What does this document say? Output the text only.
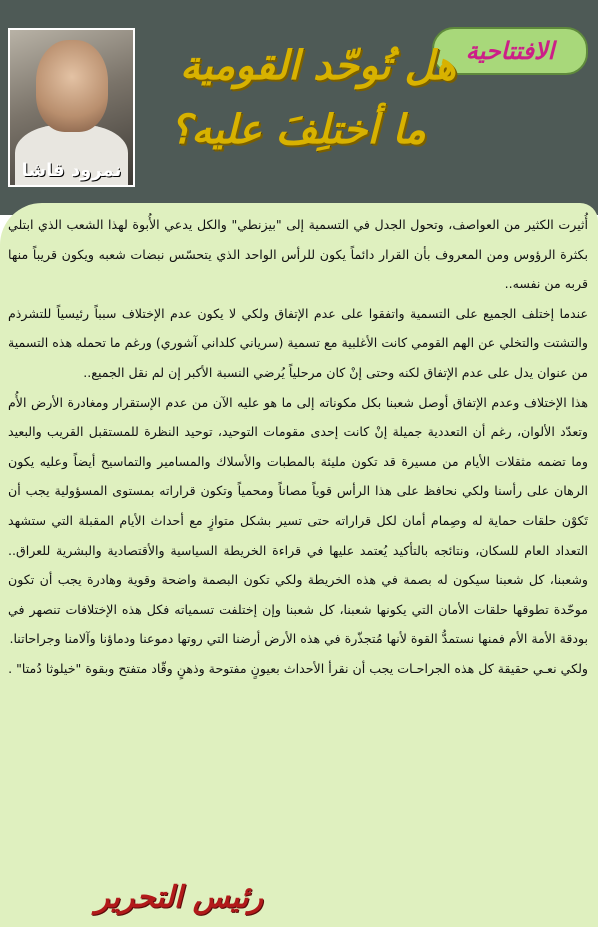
نمرود قاشا
الافتتاحية
هل تُوحّد القومية
ما أختلِفَ عليه؟

أُثيرت الكثير من العواصف، وتحول الجدل في التسمية إلى "بيزنطي" والكل يدعي الأُبوة لهذا الشعب الذي ابتلي بكثرة الرؤوس ومن المعروف بأن القرار دائماً يكون للرأس الواحد الذي يتحسّس نبضات شعبه ويكون قريباً منها قربه من نفسه..

عندما إختلف الجميع على التسمية واتفقوا على عدم الإتفاق ولكي لا يكون عدم الإختلاف سبباً رئيسياً للتشرذم والتشتت والتخلي عن الهم القومي كانت الأغلبية مع تسمية (سرياني كلداني آشوري) ورغم ما تحمله هذه التسمية من عنوان يدل على عدم الإتفاق لكنه وحتى إنْ كان مرحلياً يُرضي النسبة الأكبر إن لم نقل الجميع..

هذا الإختلاف وعدم الإتفاق أوصل شعبنا بكل مكوناته إلى ما هو عليه الآن من عدم الإستقرار ومغادرة الأرض الأُم وتعدّد الألوان، رغم أن التعددية جميلة إنْ كانت إحدى مقومات التوحيد، توحيد النظرة للمستقبل القريب والبعيد وما تضمه مثقلات الأيام من مسيرة قد تكون مليئة بالمطبات والأسلاك والمسامير والتماسيح أيضاً وعليه يكون الرهان على رأسنا ولكي نحافظ على هذا الرأس قوياً مصاناً ومحمياً وتكون قراراته بمستوى المسؤولية يجب أن تَكوْن حلقات حماية له وصِمام أمان لكل قراراته حتى تسير بشكل متوازٍ مع أحداث الأيام المقبلة التي ستشهد التعداد العام للسكان، ونتائجه بالتأكيد يُعتمد عليها في قراءة الخريطة السياسية والأقتصادية والبشرية للعراق.. وشعبنا، كل شعبنا سيكون له بصمة في هذه الخريطة ولكي تكون البصمة واضحة وقوية وهادرة يجب أن تكون موحّدة تطوقها حلقات الأمان التي يكونها شعبنا، كل شعبنا وإن إختلفت تسمياته فكل هذه الإختلافات تنصهر في بودقة الأمة الأم فمنها نستمدُّ القوة لأنها مُتجذّرة في هذه الأرض أرضنا التي روتها دموعنا ودماؤنا وآلامنا وجراحاتنا.

ولكي نعـي حقيقة كل هذه الجراحـات يجب أن نقرأ الأحداث بعيونٍ مفتوحة وذهنٍ وقّاد متفتح وبقوة "خيلوثا دُمتا" .

رئيس التحرير
